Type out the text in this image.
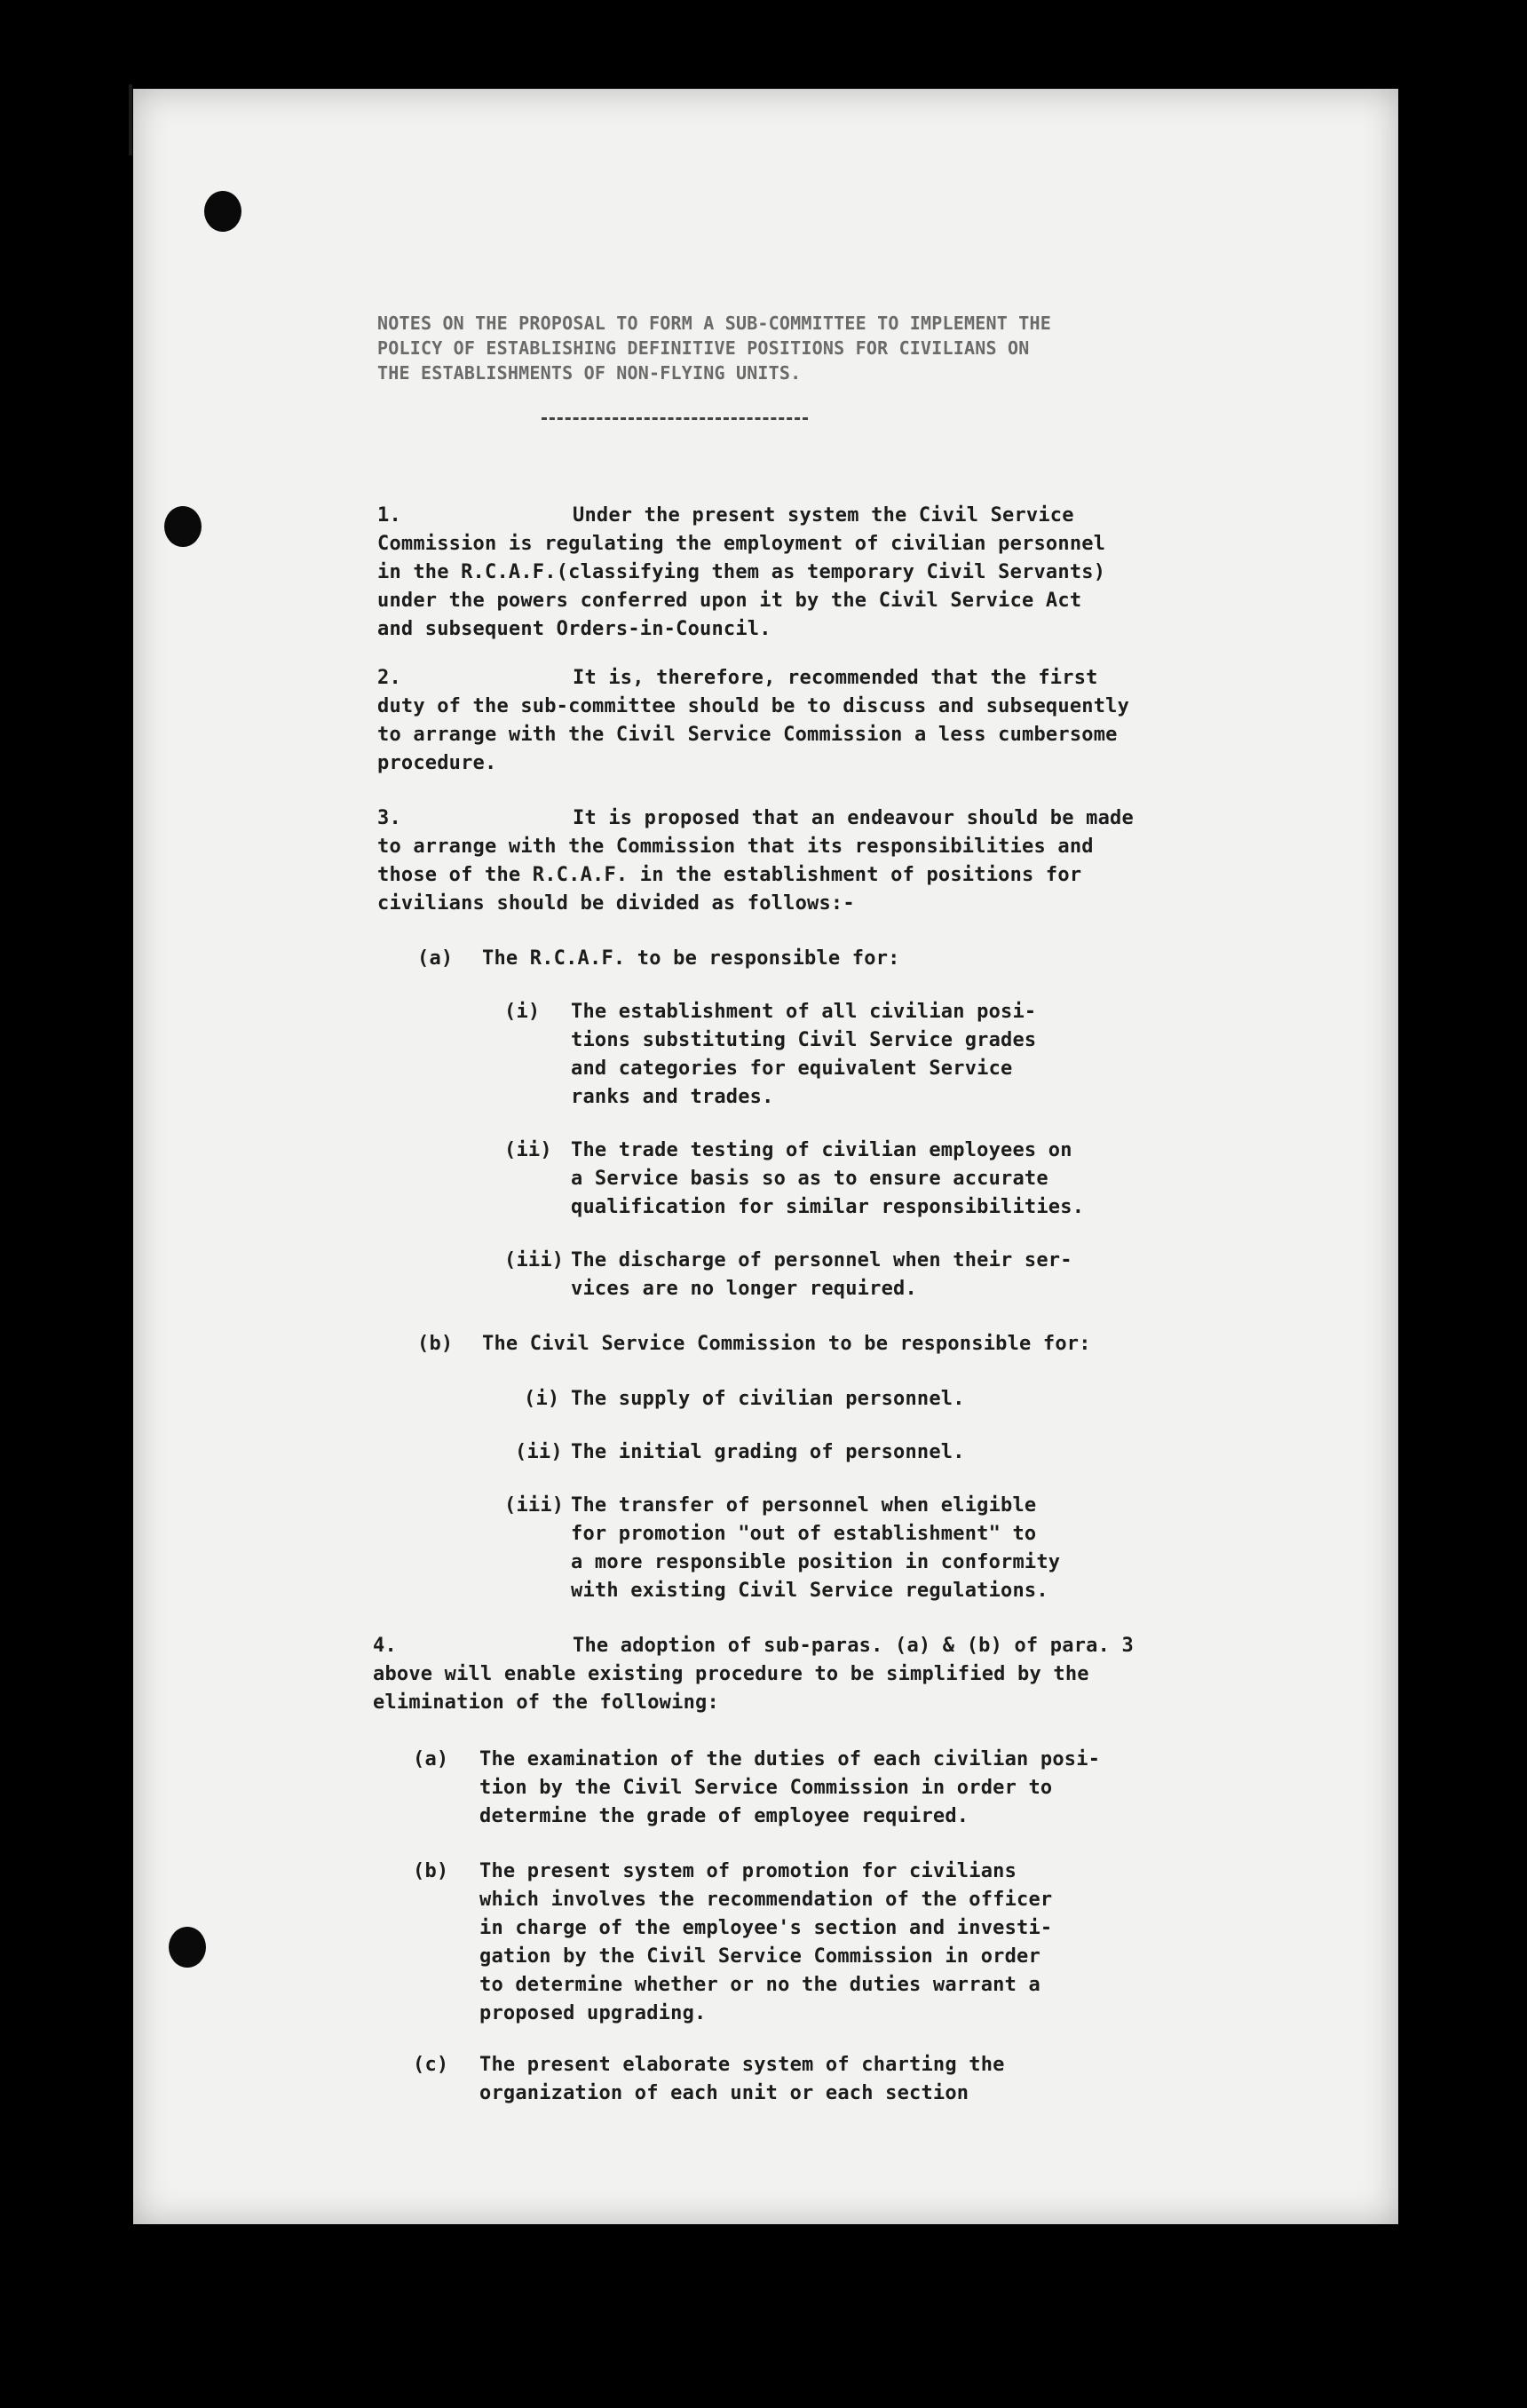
NOTES ON THE PROPOSAL TO FORM A SUB-COMMITTEE TO IMPLEMENT THE
POLICY OF ESTABLISHING DEFINITIVE POSITIONS FOR CIVILIANS ON
THE ESTABLISHMENTS OF NON-FLYING UNITS.
1.	Under the present system the Civil Service
Commission is regulating the employment of civilian personnel
in the R.C.A.F.(classifying them as temporary Civil Servants)
under the powers conferred upon it by the Civil Service Act
and subsequent Orders-in-Council.
2.	It is, therefore, recommended that the first
duty of the sub-committee should be to discuss and subsequently
to arrange with the Civil Service Commission a less cumbersome
procedure.
3.	It is proposed that an endeavour should be made
to arrange with the Commission that its responsibilities and
those of the R.C.A.F. in the establishment of positions for
civilians should be divided as follows:-
(a) The R.C.A.F. to be responsible for:
(i) The establishment of all civilian posi-
tions substituting Civil Service grades
and categories for equivalent Service
ranks and trades.
(ii) The trade testing of civilian employees on
a Service basis so as to ensure accurate
qualification for similar responsibilities.
(iii) The discharge of personnel when their ser-
vices are no longer required.
(b) The Civil Service Commission to be responsible for:
(i) The supply of civilian personnel.
(ii) The initial grading of personnel.
(iii) The transfer of personnel when eligible
for promotion "out of establishment" to
a more responsible position in conformity
with existing Civil Service regulations.
4.	The adoption of sub-paras. (a) & (b) of para. 3
above will enable existing procedure to be simplified by the
elimination of the following:
(a) The examination of the duties of each civilian posi-
tion by the Civil Service Commission in order to
determine the grade of employee required.
(b) The present system of promotion for civilians
which involves the recommendation of the officer
in charge of the employee's section and investi-
gation by the Civil Service Commission in order
to determine whether or no the duties warrant a
proposed upgrading.
(c) The present elaborate system of charting the
organization of each unit or each section
